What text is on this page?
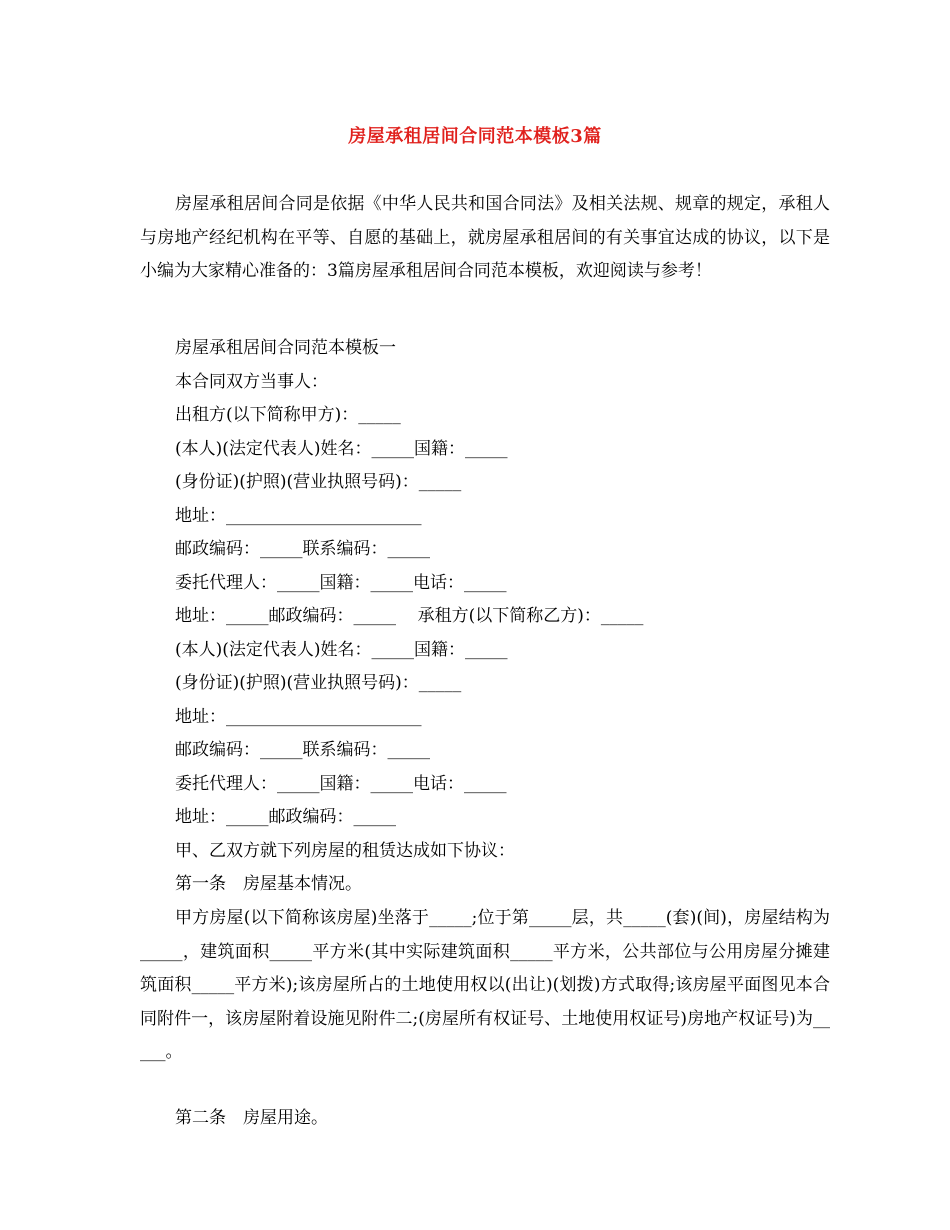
房屋承租居间合同范本模板3篇
房屋承租居间合同是依据《中华人民共和国合同法》及相关法规、规章的规定，承租人与房地产经纪机构在平等、自愿的基础上，就房屋承租居间的有关事宜达成的协议，以下是小编为大家精心准备的：3篇房屋承租居间合同范本模板，欢迎阅读与参考！
房屋承租居间合同范本模板一
本合同双方当事人：
出租方(以下简称甲方)：_____
(本人)(法定代表人)姓名：_____国籍：_____
(身份证)(护照)(营业执照号码)：_____
地址：_______________________
邮政编码：_____联系编码：_____
委托代理人：_____国籍：_____电话：_____
地址：_____邮政编码：_____    承租方(以下简称乙方)：_____
(本人)(法定代表人)姓名：_____国籍：_____
(身份证)(护照)(营业执照号码)：_____
地址：_______________________
邮政编码：_____联系编码：_____
委托代理人：_____国籍：_____电话：_____
地址：_____邮政编码：_____
甲、乙双方就下列房屋的租赁达成如下协议：
第一条　房屋基本情况。
甲方房屋(以下简称该房屋)坐落于_____;位于第_____层，共_____(套)(间)，房屋结构为_____，建筑面积_____平方米(其中实际建筑面积_____平方米，公共部位与公用房屋分摊建筑面积_____平方米);该房屋所占的土地使用权以(出让)(划拨)方式取得;该房屋平面图见本合同附件一，该房屋附着设施见附件二;(房屋所有权证号、土地使用权证号)房地产权证号)为_____。
第二条　房屋用途。
